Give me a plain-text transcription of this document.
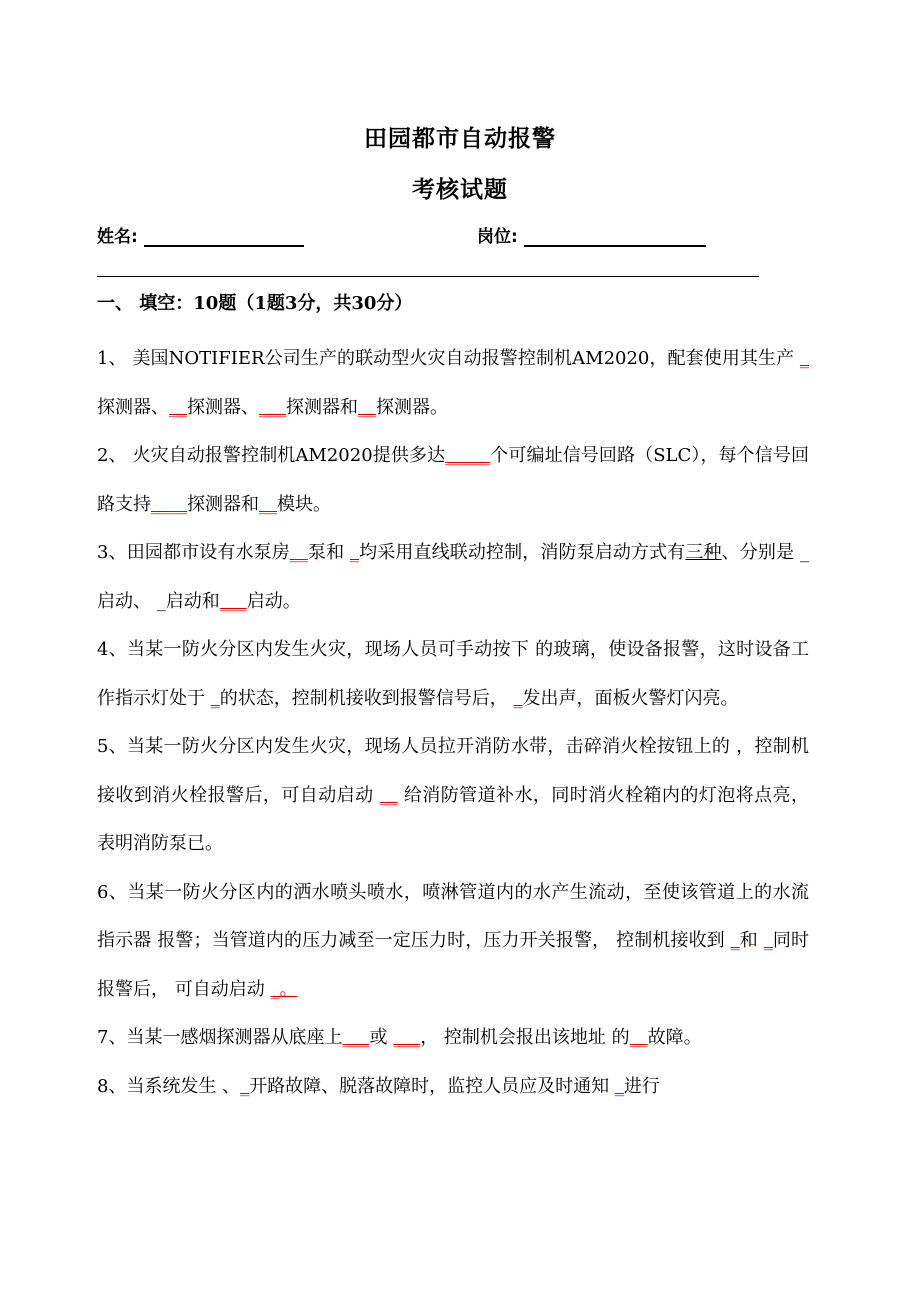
田园都市自动报警
考核试题
姓名:	岗位:
一、 填空：10题（1题3分，共30分）

1、 美国NOTIFIER公司生产的联动型火灾自动报警控制机AM2020，配套使用其生产 _探测器、__探测器、___探测器和__探测器。

2、 火灾自动报警控制机AM2020提供多达_____个可编址信号回路（SLC），每个信号回路支持____探测器和__模块。

3、田园都市设有水泵房__泵和 _均采用直线联动控制，消防泵启动方式有三种、分别是 _启动、 _启动和___启动。

4、当某一防火分区内发生火灾，现场人员可手动按下 的玻璃，使设备报警，这时设备工作指示灯处于 _的状态，控制机接收到报警信号后， _发出声，面板火警灯闪亮。

5、当某一防火分区内发生火灾，现场人员拉开消防水带，击碎消火栓按钮上的 ，控制机接收到消火栓报警后，可自动启动 __ 给消防管道补水，同时消火栓箱内的灯泡将点亮，表明消防泵已。

6、当某一防火分区内的洒水喷头喷水，喷淋管道内的水产生流动，至使该管道上的水流指示器 报警；当管道内的压力减至一定压力时，压力开关报警， 控制机接收到 _和 _同时报警后， 可自动启动 _。

7、当某一感烟探测器从底座上___或 ___， 控制机会报出该地址 的__故障。

8、当系统发生 、_开路故障、脱落故障时，监控人员应及时通知 _进行
